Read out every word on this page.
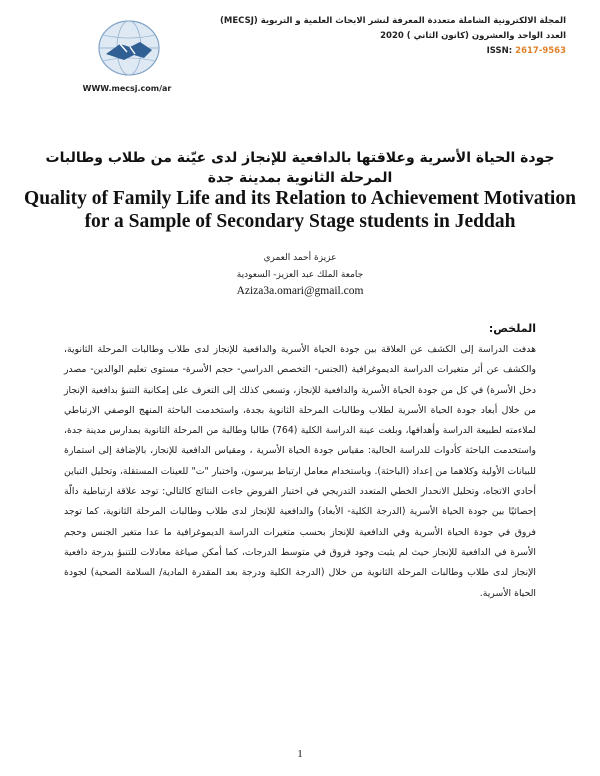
المجلة الالكترونية الشاملة متعددة المعرفة لنشر الابحاث العلمية و التربوية (MECSJ)
العدد الواحد والعشرون (كانون الثاني ) 2020
ISSN: 2617-9563
WWW.mecsj.com/ar
جودة الحياة الأسرية وعلاقتها بالدافعية للإنجاز لدى عيّنة من طلاب وطالبات
المرحلة الثانوية بمدينة جدة
Quality of Family Life and its Relation to Achievement Motivation
for a Sample of Secondary Stage students in Jeddah
عزيزة أحمد العمري
جامعة الملك عبد العزيز- السعودية
Aziza3a.omari@gmail.com
الملخص:

هدفت الدراسة إلى الكشف عن العلاقة بين جودة الحياة الأسرية والدافعية للإنجاز لدى طلاب وطالبات المرحلة الثانوية، والكشف عن أثر متغيرات الدراسة الديموغرافية (الجنس- التخصص الدراسي- حجم الأسرة- مستوى تعليم الوالدين- مصدر دخل الأسرة) في كل من جودة الحياة الأسرية والدافعية للإنجاز، وتسعى كذلك إلى التعرف على إمكانية التنبؤ بدافعية الإنجاز من خلال أبعاد جودة الحياة الأسرية لطلاب وطالبات المرحلة الثانوية بجدة، واستخدمت الباحثة المنهج الوصفي الارتباطي لملاءمته لطبيعة الدراسة وأهدافها، وبلغت عينة الدراسة الكلية (764) طالبا وطالبة من المرحلة الثانوية بمدارس مدينة جدة، واستخدمت الباحثة كأدوات للدراسة الحالية: مقياس جودة الحياة الأسرية ، ومقياس الدافعية للإنجاز، بالإضافة إلى استمارة للبيانات الأولية وكلاهما من إعداد (الباحثة). وباستخدام معامل ارتباط بيرسون، واختبار "ت" للعينات المستقلة، وتحليل التباين أحادي الاتجاه، وتحليل الانحدار الخطي المتعدد التدريجي في اختبار الفروض جاءت النتائج كالتالي: توجد علاقة ارتباطية دالّة إحصائيًا بين جودة الحياة الأسرية (الدرجة الكلية- الأبعاد) والدافعية للإنجاز لدى طلاب وطالبات المرحلة الثانوية، كما توجد فروق في جودة الحياة الأسرية وفي الدافعية للإنجاز بحسب متغيرات الدراسة الديموغرافية ما عدا متغير الجنس وحجم الأسرة في الدافعية للإنجاز حيث لم يثبت وجود فروق في متوسط الدرجات، كما أمكن صياغة معادلات للتنبؤ بدرجة دافعية الإنجاز لدى طلاب وطالبات المرحلة الثانوية من خلال (الدرجة الكلية ودرجة بعد المقدرة المادية/ السلامة الصحية) لجودة الحياة الأسرية.

1
